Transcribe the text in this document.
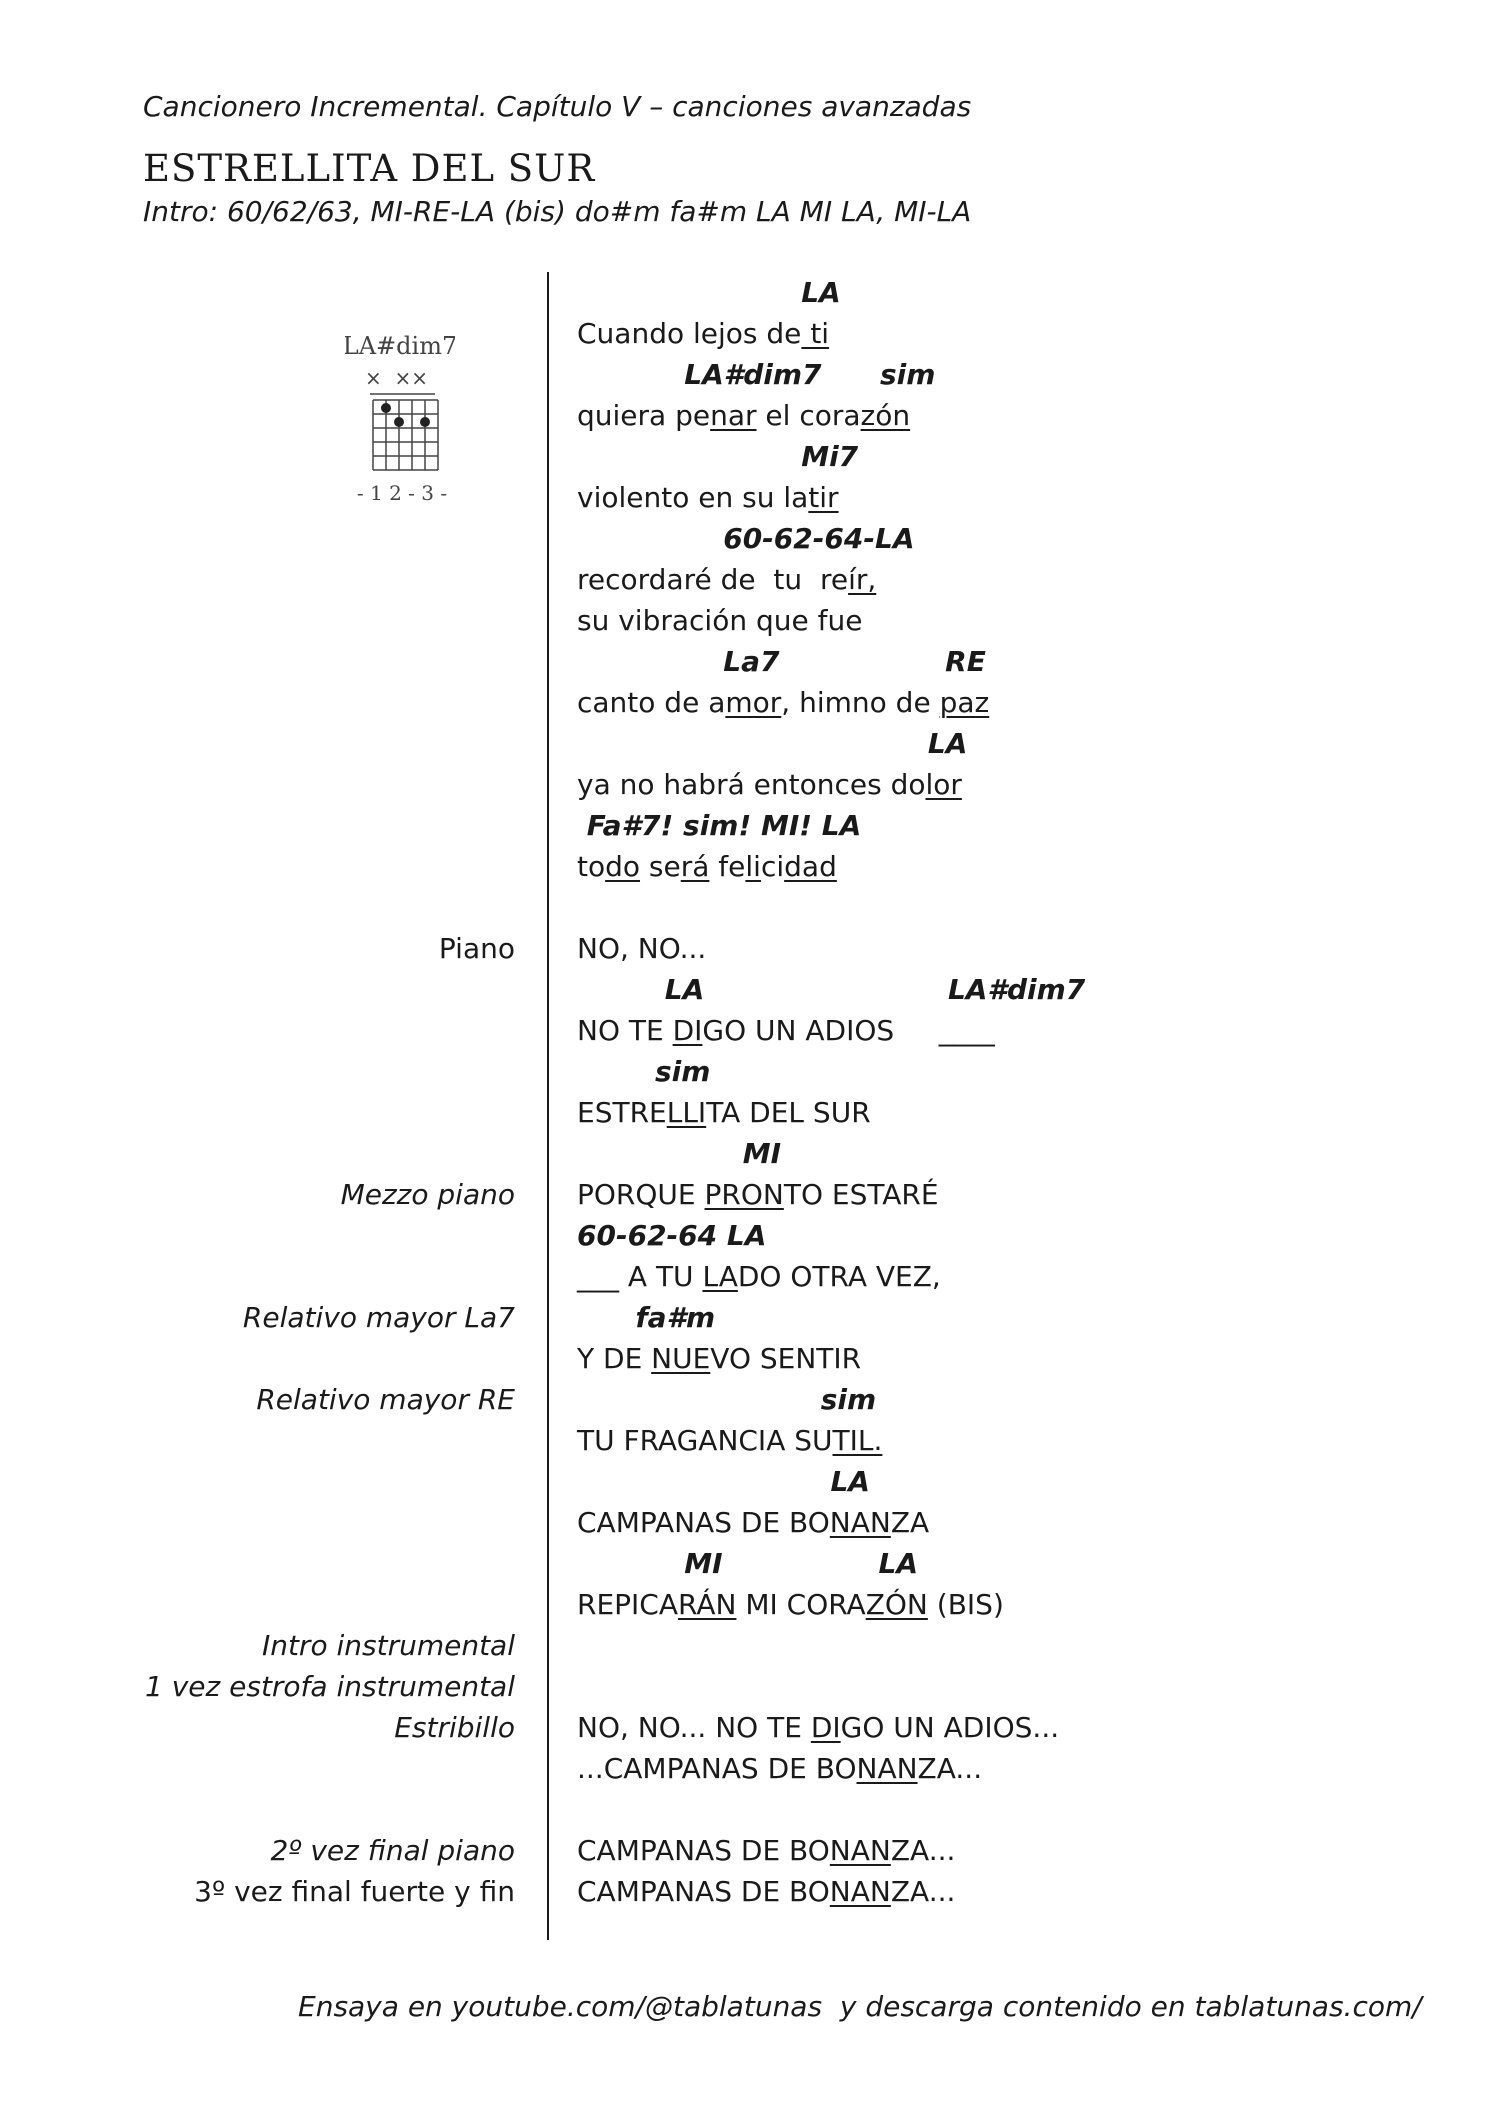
Cancionero Incremental. Capítulo V – canciones avanzadas
ESTRELLITA DEL SUR
Intro: 60/62/63, MI-RE-LA (bis) do#m fa#m LA MI LA, MI-LA
LA#dim7
×  ××
- 1 2 - 3 -
LA
Cuando lejos de ti
LA#dim7      sim
quiera penar el corazón
Mi7
violento en su latir
60-62-64-LA
recordaré de  tu  reír,
su vibración que fue
La7                 RE
canto de amor, himno de paz
LA
ya no habrá entonces dolor
Fa#7! sim! MI! LA
todo será felicidad
Piano NO, NO...
LA                         LA#dim7
NO TE DIGO UN ADIOS     ____
sim
ESTRELLITA DEL SUR
MI
Mezzo piano PORQUE PRONTO ESTARÉ
60-62-64 LA
___ A TU LADO OTRA VEZ,
Relativo mayor La7 fa#m
Y DE NUEVO SENTIR
Relativo mayor RE sim
TU FRAGANCIA SUTIL.
LA
CAMPANAS DE BONANZA
MI                LA
REPICARÁN MI CORAZÓN (BIS)
Intro instrumental
1 vez estrofa instrumental
Estribillo NO, NO... NO TE DIGO UN ADIOS...
...CAMPANAS DE BONANZA...
2º vez final piano CAMPANAS DE BONANZA...
3º vez final fuerte y fin CAMPANAS DE BONANZA...
Ensaya en youtube.com/@tablatunas  y descarga contenido en tablatunas.com/
